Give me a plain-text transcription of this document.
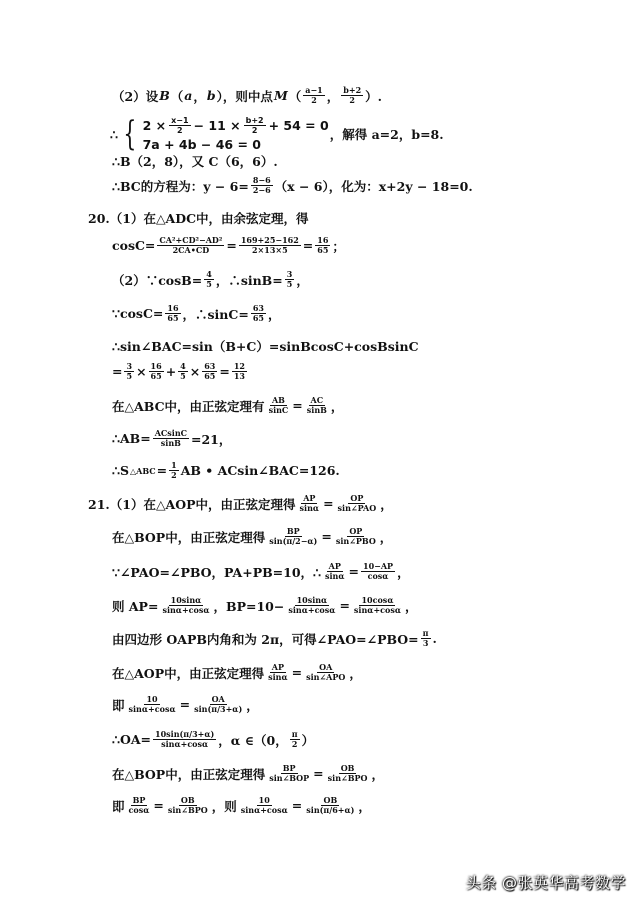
（2）设 B （ a ， b ），则中点 M （ $\frac{a-1}{2}$ ， $\frac{b+2}{2}$ ）.
∴ { $2 \times \frac{x-1}{2} - 11 \times \frac{b+2}{2} + 54 = 0$
7a + 4b − 46 = 0
，解得 a=2，b=8.
∴B（2，8），又 C（6，6）.
∴BC的方程为：$y - 6= \frac{8-6}{2-6} (x - 6)$，化为：x+2y − 18=0.
20.（1）在△ADC中，由余弦定理，得
$\cos C= \frac{\text{CA²+CD²−AD²}}{2CA•CD} = \frac{169+25-162}{2\times 13\times 5} = \frac{16}{65}$ ；
（2）∵cosB= $\frac{4}{5}$ ，∴sinB= $\frac{3}{5}$ ，
∵cosC= $\frac{16}{65}$ ，∴sinC= $\frac{63}{65}$ ，
∴sin∠BAC=sin（B+C）=sinBcosC+cosBsinC
= $\frac{3}{5} \times \frac{16}{65} + \frac{4}{5} \times \frac{63}{65} = \frac{12}{13}$
在△ABC中，由正弦定理有 $\frac{AB}{\sin C} = \frac{AC}{\sin B}$ ，
∴AB= $\frac{ACsinC}{\sin B} =21$，
∴S △ABC = $\frac{1}{2}$ AB • ACsin∠BAC=126.
21.（1）在△AOP中，由正弦定理得 $\frac{AP}{\sin\alpha} = \frac{OP}{\text{sin∠PAO}}$ ，
在△BOP中，由正弦定理得 $\frac{BP}{\sin(\pi/2-\alpha)} = \frac{OP}{\text{sin∠PBO}}$ ，
∵∠PAO=∠PBO，PA+PB=10，∴ $\frac{AP}{\sin\alpha} = \frac{10-AP}{\cos\alpha}$ ，
则 $AP= \frac{10\sin\alpha}{\sin\alpha+\cos\alpha}$ ，$BP=10- \frac{10\sin\alpha}{\sin\alpha+\cos\alpha} = \frac{10\cos\alpha}{\sin\alpha+\cos\alpha}$ ，
由四边形 OAPB内角和为 2π，可得∠PAO=∠PBO= $\frac{\pi}{3}$ .
在△AOP中，由正弦定理得 $\frac{AP}{\sin\alpha} = \frac{OA}{\text{sin∠APO}}$ ，
即 $\frac{10}{\sin\alpha+\cos\alpha} = \frac{OA}{\sin(\pi/3+\alpha)}$ ，
∴OA= $\frac{10\sin(\pi/3+\alpha)}{\sin\alpha+\cos\alpha}$ ，α ∈（0， $\frac{\pi}{2}$ ）
在△BOP中，由正弦定理得 $\frac{BP}{\text{sin∠BOP}} = \frac{OB}{\text{sin∠BPO}}$ ，
即 $\frac{BP}{\cos\alpha} = \frac{OB}{\text{sin∠BPO}}$ ，则 $\frac{10}{\sin\alpha+\cos\alpha} = \frac{OB}{\sin(\pi/6+\alpha)}$ ，
头条 @张英华高考数学
